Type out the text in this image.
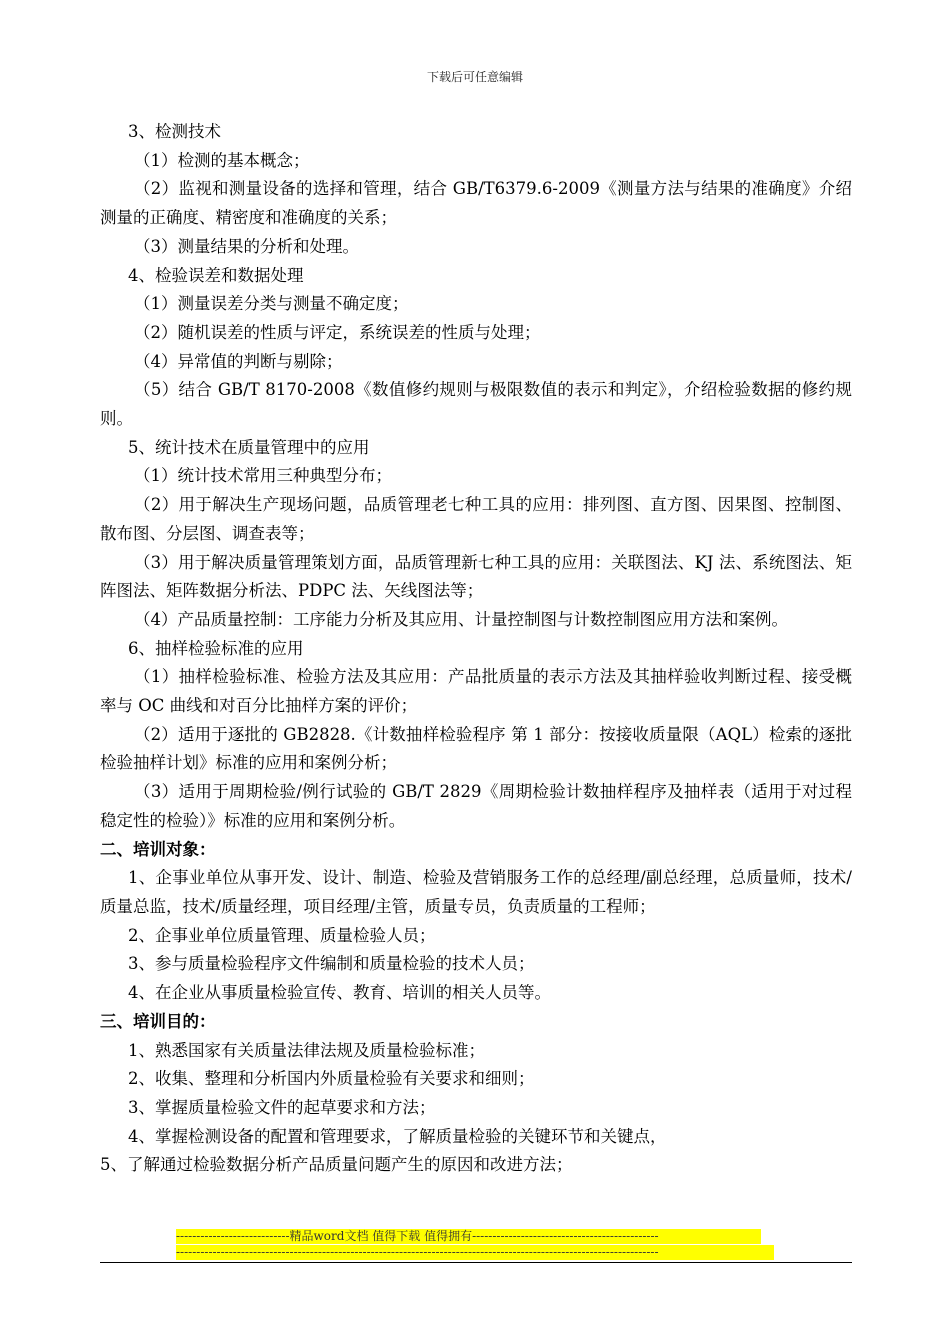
下载后可任意编辑

3、检测技术

（1）检测的基本概念；

（2）监视和测量设备的选择和管理，结合 GB/T6379.6-2009《测量方法与结果的准确度》介绍测量的正确度、精密度和准确度的关系；

（3）测量结果的分析和处理。

4、检验误差和数据处理

（1）测量误差分类与测量不确定度；

（2）随机误差的性质与评定，系统误差的性质与处理；

（4）异常值的判断与剔除；

（5）结合 GB/T 8170-2008《数值修约规则与极限数值的表示和判定》，介绍检验数据的修约规则。

5、统计技术在质量管理中的应用

（1）统计技术常用三种典型分布；

（2）用于解决生产现场问题，品质管理老七种工具的应用：排列图、直方图、因果图、控制图、散布图、分层图、调查表等；

（3）用于解决质量管理策划方面，品质管理新七种工具的应用：关联图法、KJ 法、系统图法、矩阵图法、矩阵数据分析法、PDPC 法、矢线图法等；

（4）产品质量控制：工序能力分析及其应用、计量控制图与计数控制图应用方法和案例。

6、抽样检验标准的应用

（1）抽样检验标准、检验方法及其应用：产品批质量的表示方法及其抽样验收判断过程、接受概率与 OC 曲线和对百分比抽样方案的评价；

（2）适用于逐批的 GB2828.《计数抽样检验程序 第 1 部分：按接收质量限（AQL）检索的逐批检验抽样计划》标准的应用和案例分析；

（3）适用于周期检验/例行试验的 GB/T 2829《周期检验计数抽样程序及抽样表（适用于对过程稳定性的检验）》标准的应用和案例分析。

二、培训对象：

1、企事业单位从事开发、设计、制造、检验及营销服务工作的总经理/副总经理，总质量师，技术/质量总监，技术/质量经理，项目经理/主管，质量专员，负责质量的工程师；

2、企事业单位质量管理、质量检验人员；

3、参与质量检验程序文件编制和质量检验的技术人员；

4、在企业从事质量检验宣传、教育、培训的相关人员等。

三、培训目的：

1、熟悉国家有关质量法律法规及质量检验标准；

2、收集、整理和分析国内外质量检验有关要求和细则；

3、掌握质量检验文件的起草要求和方法；

4、掌握检测设备的配置和管理要求，了解质量检验的关键环节和关键点，

5、了解通过检验数据分析产品质量问题产生的原因和改进方法；

----------------------------精品word文档 值得下载 值得拥有----------------------------------------------
-----------------------------------------------------------------------------------------------------------------------
